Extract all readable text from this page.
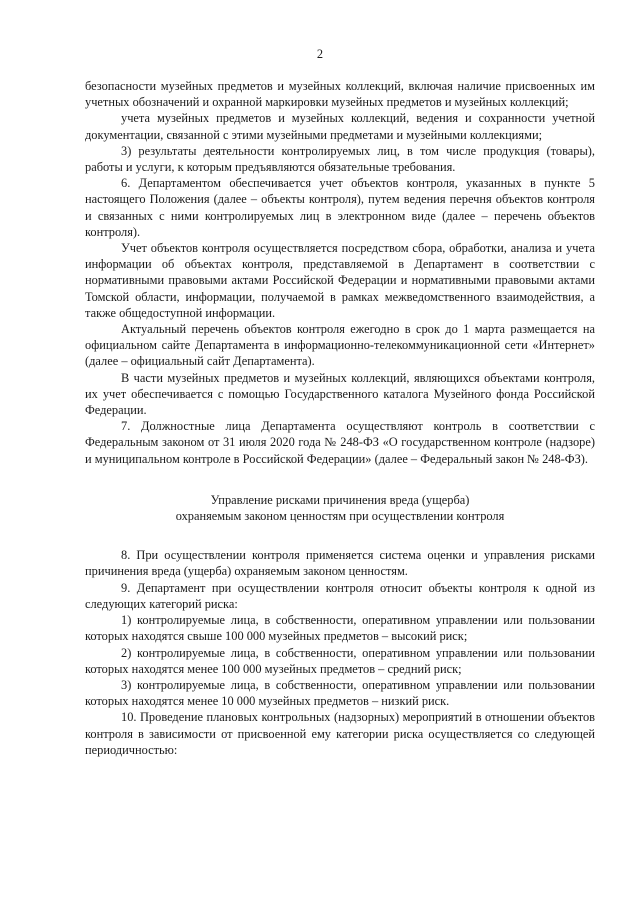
2

безопасности музейных предметов и музейных коллекций, включая наличие присвоенных им учетных обозначений и охранной маркировки музейных предметов и музейных коллекций;

учета музейных предметов и музейных коллекций, ведения и сохранности учетной документации, связанной с этими музейными предметами и музейными коллекциями;

3) результаты деятельности контролируемых лиц, в том числе продукция (товары), работы и услуги, к которым предъявляются обязательные требования.

6. Департаментом обеспечивается учет объектов контроля, указанных в пункте 5 настоящего Положения (далее – объекты контроля), путем ведения перечня объектов контроля и связанных с ними контролируемых лиц в электронном виде (далее – перечень объектов контроля).

Учет объектов контроля осуществляется посредством сбора, обработки, анализа и учета информации об объектах контроля, представляемой в Департамент в соответствии с нормативными правовыми актами Российской Федерации и нормативными правовыми актами Томской области, информации, получаемой в рамках межведомственного взаимодействия, а также общедоступной информации.

Актуальный перечень объектов контроля ежегодно в срок до 1 марта размещается на официальном сайте Департамента в информационно-телекоммуникационной сети «Интернет» (далее – официальный сайт Департамента).

В части музейных предметов и музейных коллекций, являющихся объектами контроля, их учет обеспечивается с помощью Государственного каталога Музейного фонда Российской Федерации.

7. Должностные лица Департамента осуществляют контроль в соответствии с Федеральным законом от 31 июля 2020 года № 248-ФЗ «О государственном контроле (надзоре) и муниципальном контроле в Российской Федерации» (далее – Федеральный закон № 248-ФЗ).

Управление рисками причинения вреда (ущерба)
охраняемым законом ценностям при осуществлении контроля

8. При осуществлении контроля применяется система оценки и управления рисками причинения вреда (ущерба) охраняемым законом ценностям.

9. Департамент при осуществлении контроля относит объекты контроля к одной из следующих категорий риска:

1) контролируемые лица, в собственности, оперативном управлении или пользовании которых находятся свыше 100 000 музейных предметов – высокий риск;

2) контролируемые лица, в собственности, оперативном управлении или пользовании которых находятся менее 100 000 музейных предметов – средний риск;

3) контролируемые лица, в собственности, оперативном управлении или пользовании которых находятся менее 10 000 музейных предметов – низкий риск.

10. Проведение плановых контрольных (надзорных) мероприятий в отношении объектов контроля в зависимости от присвоенной ему категории риска осуществляется со следующей периодичностью:
